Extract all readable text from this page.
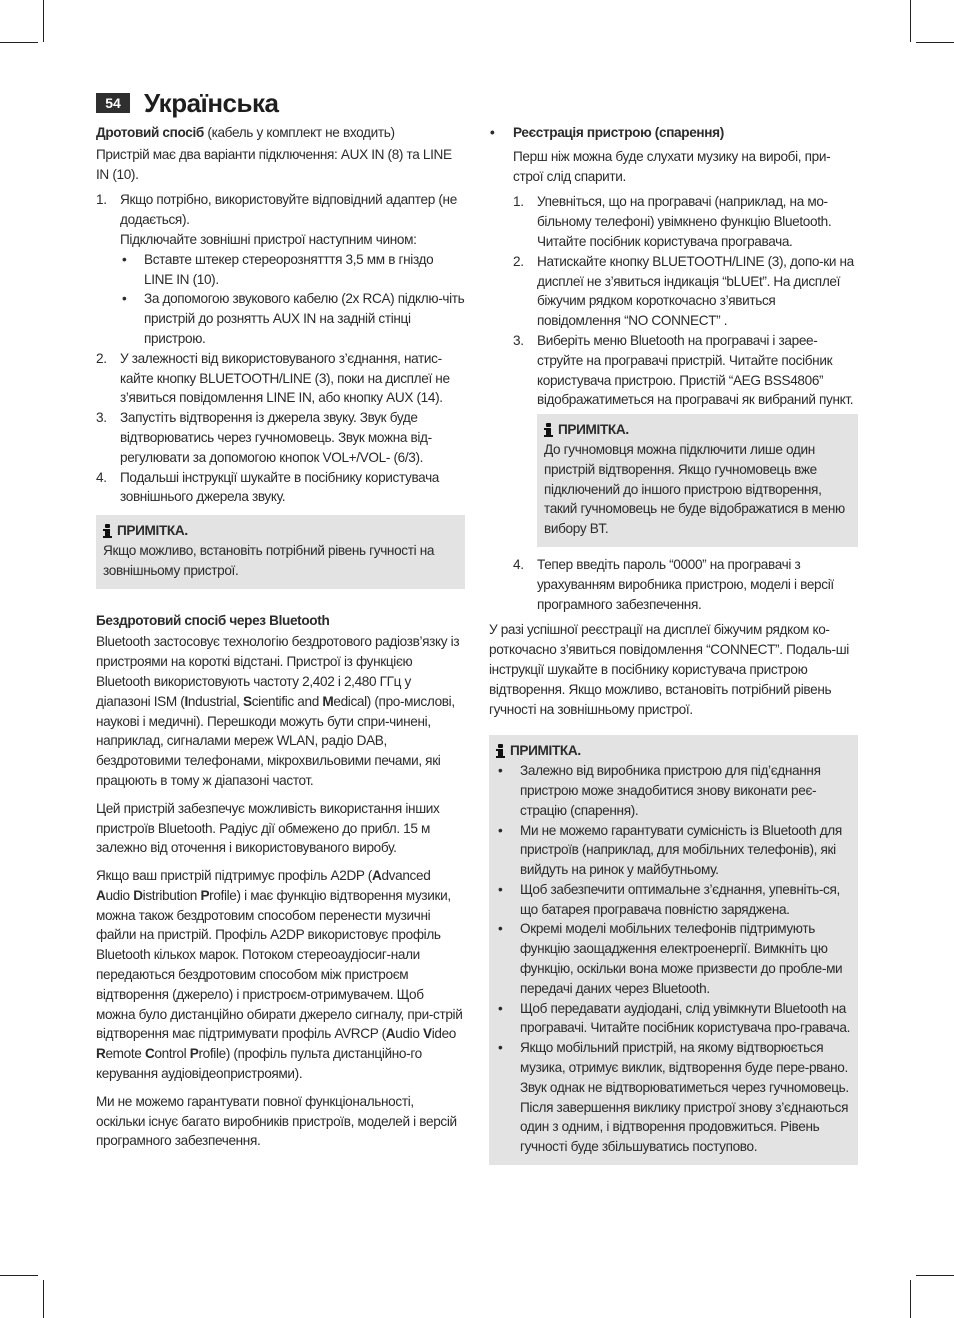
54 Українська

Дротовий спосіб (кабель у комплект не входить)

Пристрій має два варіанти підключення: AUX IN (8) та LINE IN (10).

1. Якщо потрібно, використовуйте відповідний адаптер (не додається).
Підключайте зовнішні пристрої наступним чином:
• Вставте штекер стереорознятття 3,5 мм в гніздо LINE IN (10).
• За допомогою звукового кабелю (2x RCA) підклю-чіть пристрій до рознятть AUX IN на задній стінці пристрою.
2. У залежності від використовуваного з’єднання, натис-кайте кнопку BLUETOOTH/LINE (3), поки на дисплеї не з’явиться повідомлення LINE IN, або кнопку AUX (14).
3. Запустіть відтворення із джерела звуку. Звук буде відтворюватись через гучномовець. Звук можна від-регулювати за допомогою кнопок VOL+/VOL- (6/3).
4. Подальші інструкції шукайте в посібнику користувача зовнішнього джерела звуку.
ПРИМІТКА.
Якщо можливо, встановіть потрібний рівень гучності на зовнішньому пристрої.

Бездротовий спосіб через Bluetooth

Bluetooth застосовує технологію бездротового радіозв’язку із пристроями на короткі відстані. Пристрої із функцією Bluetooth використовують частоту 2,402 і 2,480 ГГц у діапазоні ISM (Industrial, Scientific and Medical) (про-мислові, наукові і медичні). Перешкоди можуть бути спри-чинені, наприклад, сигналами мереж WLAN, радіо DAB, бездротовими телефонами, мікрохвильовими печами, які працюють в тому ж діапазоні частот.

Цей пристрій забезпечує можливість використання інших пристроїв Bluetooth. Радіус дії обмежено до прибл. 15 м залежно від оточення і використовуваного виробу.

Якщо ваш пристрій підтримує профіль A2DP (Advanced Audio Distribution Profile) і має функцію відтворення музики, можна також бездротовим способом перенести музичні файли на пристрій. Профіль A2DP використовує профіль Bluetooth кількох марок. Потоком стереоаудіосиг-нали передаються бездротовим способом між пристроєм відтворення (джерело) і пристроєм-отримувачем. Щоб можна було дистанційно обирати джерело сигналу, при-стрій відтворення має підтримувати профіль AVRCP (Audio Video Remote Control Profile) (профіль пульта дистанційно-го керування аудіовідеопристроями).

Ми не можемо гарантувати повної функціональності, оскільки існує багато виробників пристроїв, моделей і версій програмного забезпечення.

• Реєстрація пристрою (спарення)

Перш ніж можна буде слухати музику на виробі, при-строї слід спарити.

1. Упевніться, що на програвачі (наприклад, на мо-більному телефоні) увімкнено функцію Bluetooth. Читайте посібник користувача програвача.
2. Натискайте кнопку BLUETOOTH/LINE (3), допо-ки на дисплеї не з’явиться індикація “bLUEt”. На дисплеї біжучим рядком короткочасно з’явиться повідомлення “NO CONNECT” .
3. Виберіть меню Bluetooth на програвачі і зарее-струйте на програвачі пристрій. Читайте посібник користувача пристрою. Пристій “AEG BSS4806” відображатиметься на програвачі як вибраний пункт.
ПРИМІТКА.
До гучномовця можна підключити лише один пристрій відтворення. Якщо гучномовець вже підключений до іншого пристрою відтворення, такий гучномовець не буде відображатися в меню вибору BT.
4. Тепер введіть пароль “0000” на програвачі з урахуванням виробника пристрою, моделі і версії програмного забезпечення.

У разі успішної реєстрації на дисплеї біжучим рядком ко-роткочасно з’явиться повідомлення “CONNECT”. Подаль-ші інструкції шукайте в посібнику користувача пристрою відтворення. Якщо можливо, встановіть потрібний рівень гучності на зовнішньому пристрої.

ПРИМІТКА.
• Залежно від виробника пристрою для під’єднання пристрою може знадобитися знову виконати реє-страцію (спарення).
• Ми не можемо гарантувати сумісність із Bluetooth для пристроїв (наприклад, для мобільних телефонів), які вийдуть на ринок у майбутньому.
• Щоб забезпечити оптимальне з’єднання, упевніть-ся, що батарея програвача повністю заряджена.
• Окремі моделі мобільних телефонів підтримують функцію заощадження електроенергії. Вимкніть цю функцію, оскільки вона може призвести до пробле-ми передачі даних через Bluetooth.
• Щоб передавати аудіодані, слід увімкнути Bluetooth на програвачі. Читайте посібник користувача про-гравача.
• Якщо мобільний пристрій, на якому відтворюється музика, отримує виклик, відтворення буде пере-рвано. Звук однак не відтворюватиметься через гучномовець. Після завершення виклику пристрої знову з’єднаються один з одним, і відтворення продовжиться. Рівень гучності буде збільшуватись поступово.
